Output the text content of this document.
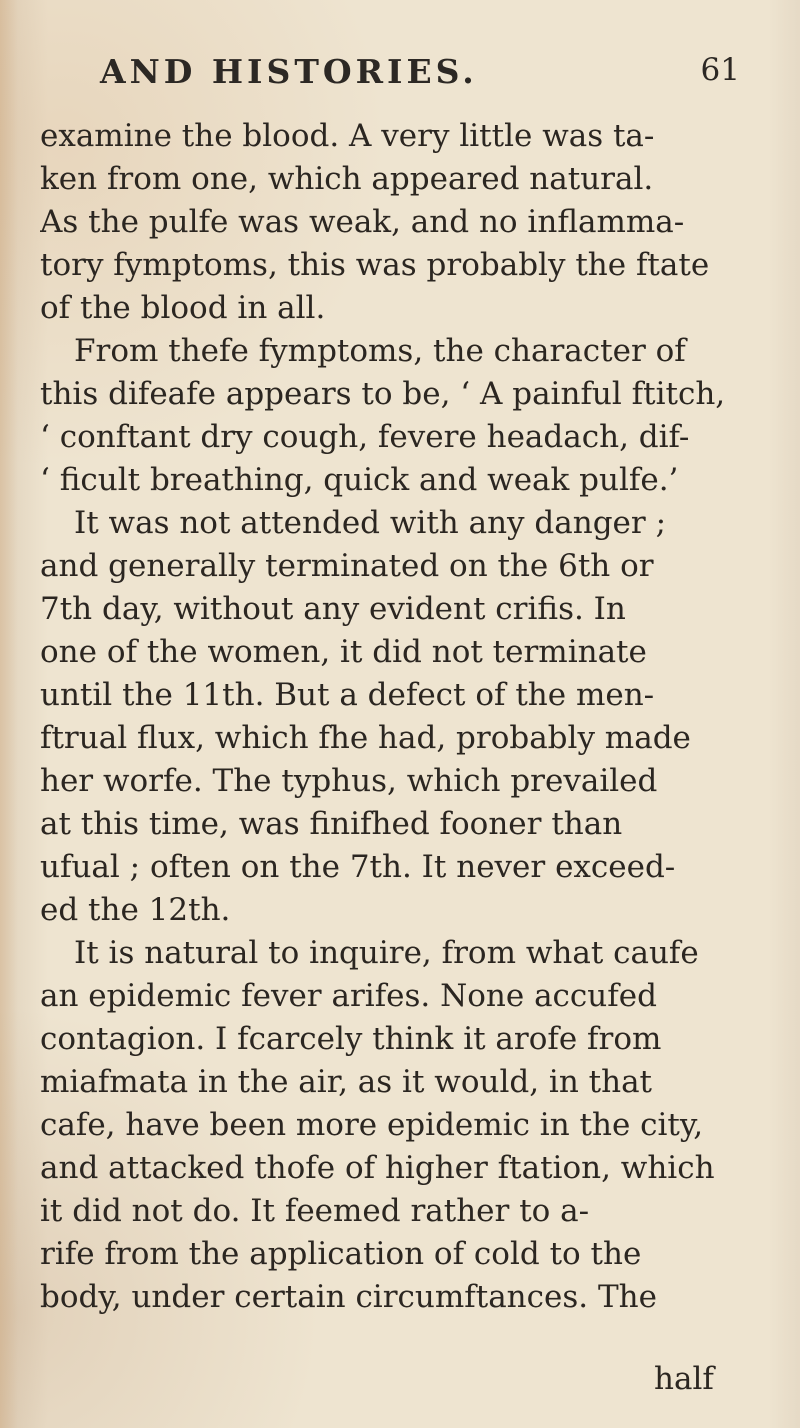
AND HISTORIES.	61
examine the blood. A very little was ta-
ken from one, which appeared natural.
As the pulfe was weak, and no inflamma-
tory fymptoms, this was probably the ftate
of the blood in all.
From thefe fymptoms, the character of
this difeafe appears to be, ‘ A painful ftitch,
‘ conftant dry cough, fevere headach, dif-
‘ ficult breathing, quick and weak pulfe.’
It was not attended with any danger ;
and generally terminated on the 6th or
7th day, without any evident crifis. In
one of the women, it did not terminate
until the 11th. But a defect of the men-
ftrual flux, which fhe had, probably made
her worfe. The typhus, which prevailed
at this time, was finifhed fooner than
ufual ; often on the 7th. It never exceed-
ed the 12th.
It is natural to inquire, from what caufe
an epidemic fever arifes. None accufed
contagion. I fcarcely think it arofe from
miafmata in the air, as it would, in that
cafe, have been more epidemic in the city,
and attacked thofe of higher ftation, which
it did not do. It feemed rather to a-
rife from the application of cold to the
body, under certain circumftances. The
half
